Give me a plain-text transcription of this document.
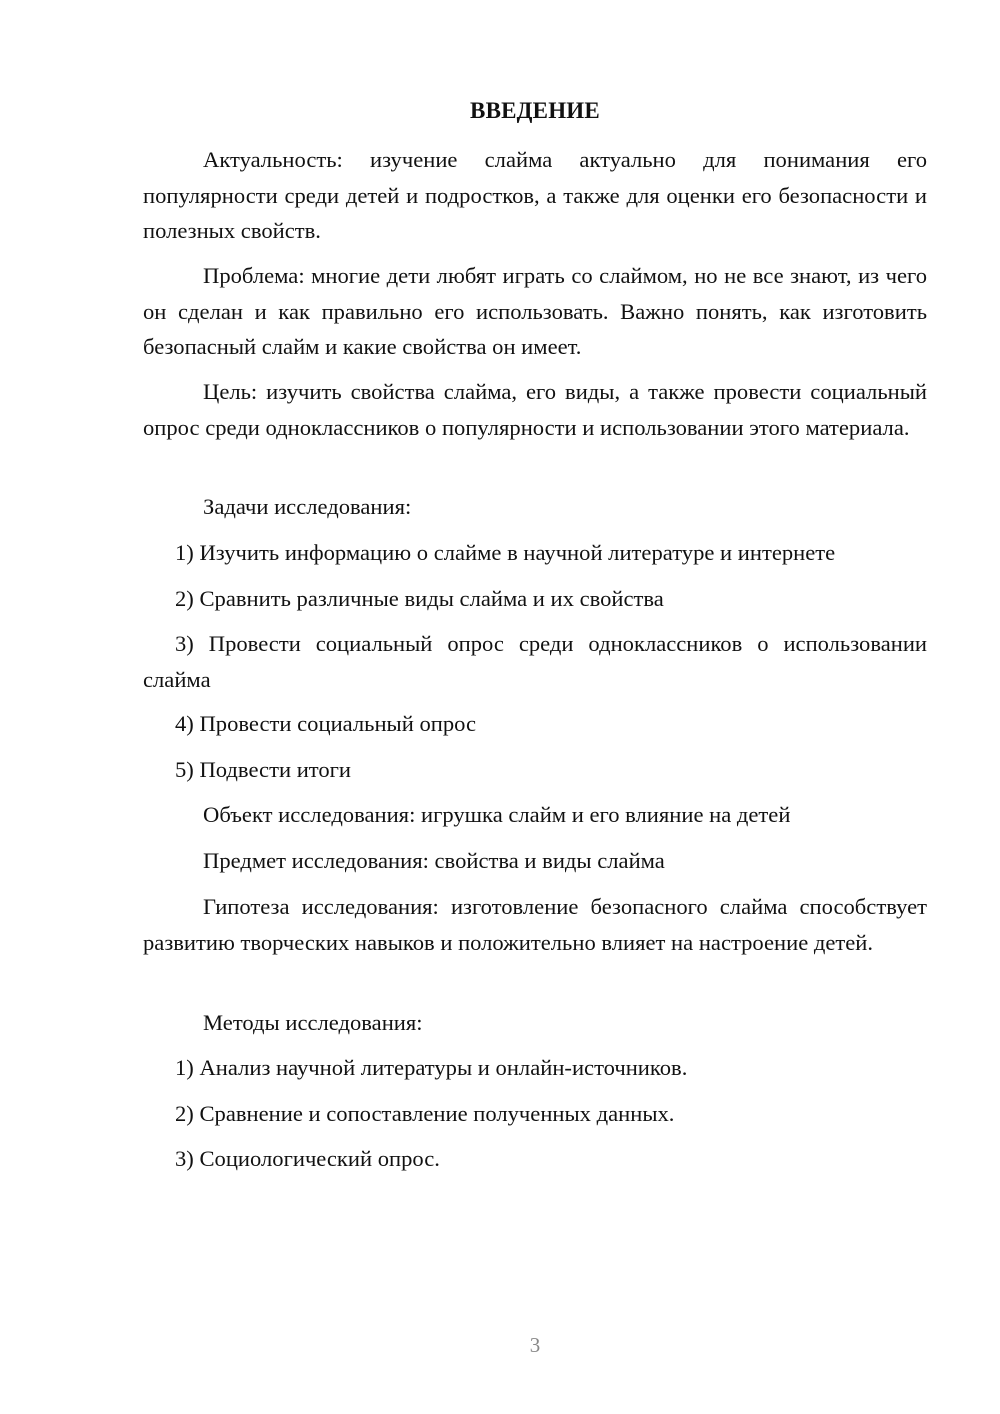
ВВЕДЕНИЕ

Актуальность: изучение слайма актуально для понимания его популярности среди детей и подростков, а также для оценки его безопасности и полезных свойств.

Проблема: многие дети любят играть со слаймом, но не все знают, из чего он сделан и как правильно его использовать. Важно понять, как изготовить безопасный слайм и какие свойства он имеет.

Цель: изучить свойства слайма, его виды, а также провести социальный опрос среди одноклассников о популярности и использовании этого материала.

Задачи исследования:

1) Изучить информацию о слайме в научной литературе и интернете

2) Сравнить различные виды слайма и их свойства

3) Провести социальный опрос среди одноклассников о использовании слайма

4) Провести социальный опрос

5) Подвести итоги

Объект исследования: игрушка слайм и его влияние на детей

Предмет исследования: свойства и виды слайма

Гипотеза исследования: изготовление безопасного слайма способствует развитию творческих навыков и положительно влияет на настроение детей.

Методы исследования:

1) Анализ научной литературы и онлайн-источников.

2) Сравнение и сопоставление полученных данных.

3) Социологический опрос.

3
